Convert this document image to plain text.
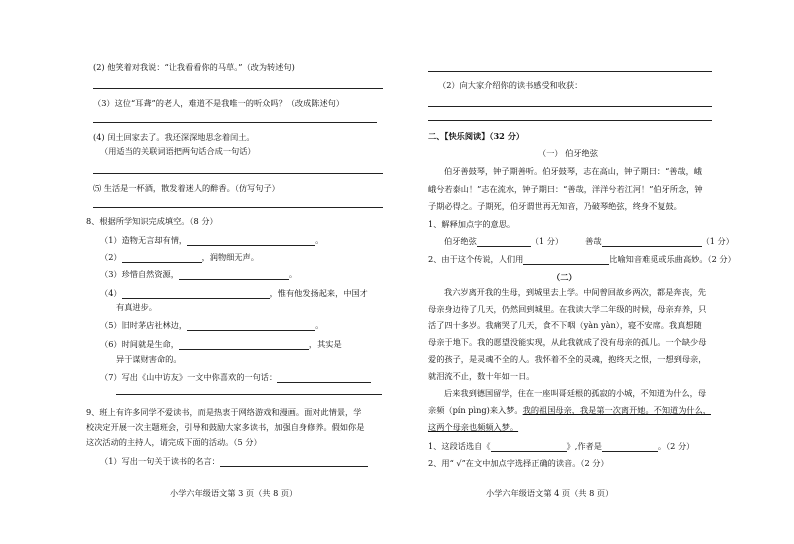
(2) 他笑着对我说：“让我看看你的马草。”（改为转述句)
（3）这位“耳聋”的老人，难道不是我唯一的听众吗？（改成陈述句）
(4) 闰土回家去了。我还深深地思念着闰土。
（用适当的关联词语把两句话合成一句话）
⑸ 生活是一杯酒，散发着迷人的醉香。（仿写句子）
8、根据所学知识完成填空。（8 分）
（1）造物无言却有情，	。
（2）	，润物细无声。
（3）珍惜自然资源，	。
（4）	，惟有他发扬起来，中国才
有真进步。
（5）旧时茅店社林边，	。
（6）时间就是生命，	，其实是
异于谋财害命的。
（7）写出《山中访友》一文中你喜欢的一句话：
9、班上有许多同学不爱读书，而是热衷于网络游戏和漫画。面对此情景，学
校决定开展一次主题班会，引导和鼓励大家多读书，加强自身修养。假如你是
这次活动的主持人，请完成下面的活动。（5 分）
（1）写出一句关于读书的名言：
小学六年级语文第 3 页（共 8 页）
（2）向大家介绍你的读书感受和收获：
二、【快乐阅读】（32 分）
（一） 伯牙绝弦
伯牙善鼓琴，钟子期善听。伯牙鼓琴，志在高山，钟子期曰：“善哉，峨
峨兮若泰山！”志在流水，钟子期曰：“善哉，洋洋兮若江河！”伯牙所念，钟
子期必得之。子期死，伯牙谓世再无知音，乃破琴绝弦，终身不复鼓。
1、解释加点字的意思。
伯牙绝弦	（1 分）	善哉	（1 分）
2、由于这个传说，人们用	比喻知音难觅或乐曲高妙。（2 分）
（二）
我六岁离开我的生母，到城里去上学。中间曾回故乡两次，都是奔丧，先
母亲身边待了几天，仍然回到城里。在我读大学二年级的时候，母亲弃养，只
活了四十多岁。我痛哭了几天，食不下咽（yàn yàn），寝不安席。我真想随
母亲于地下。我的愿望没能实现，从此我就成了没有母亲的孤儿。一个缺少母
爱的孩子，是灵魂不全的人。我怀着不全的灵魂，抱终天之恨，一想到母亲，
就泪流不止，数十年如一日。
后来我到德国留学，住在一座叫哥廷根的孤寂的小城，不知道为什么，母
亲频（pín pìng)来入梦。我的祖国母亲，我是第一次离开她。不知道为什么，
这两个母亲也频频入梦。
1、这段话选自《	》,作者是	。（2 分）
2、用“ √”在文中加点字选择正确的读音。（2 分）
小学六年级语文第 4 页（共 8 页）
